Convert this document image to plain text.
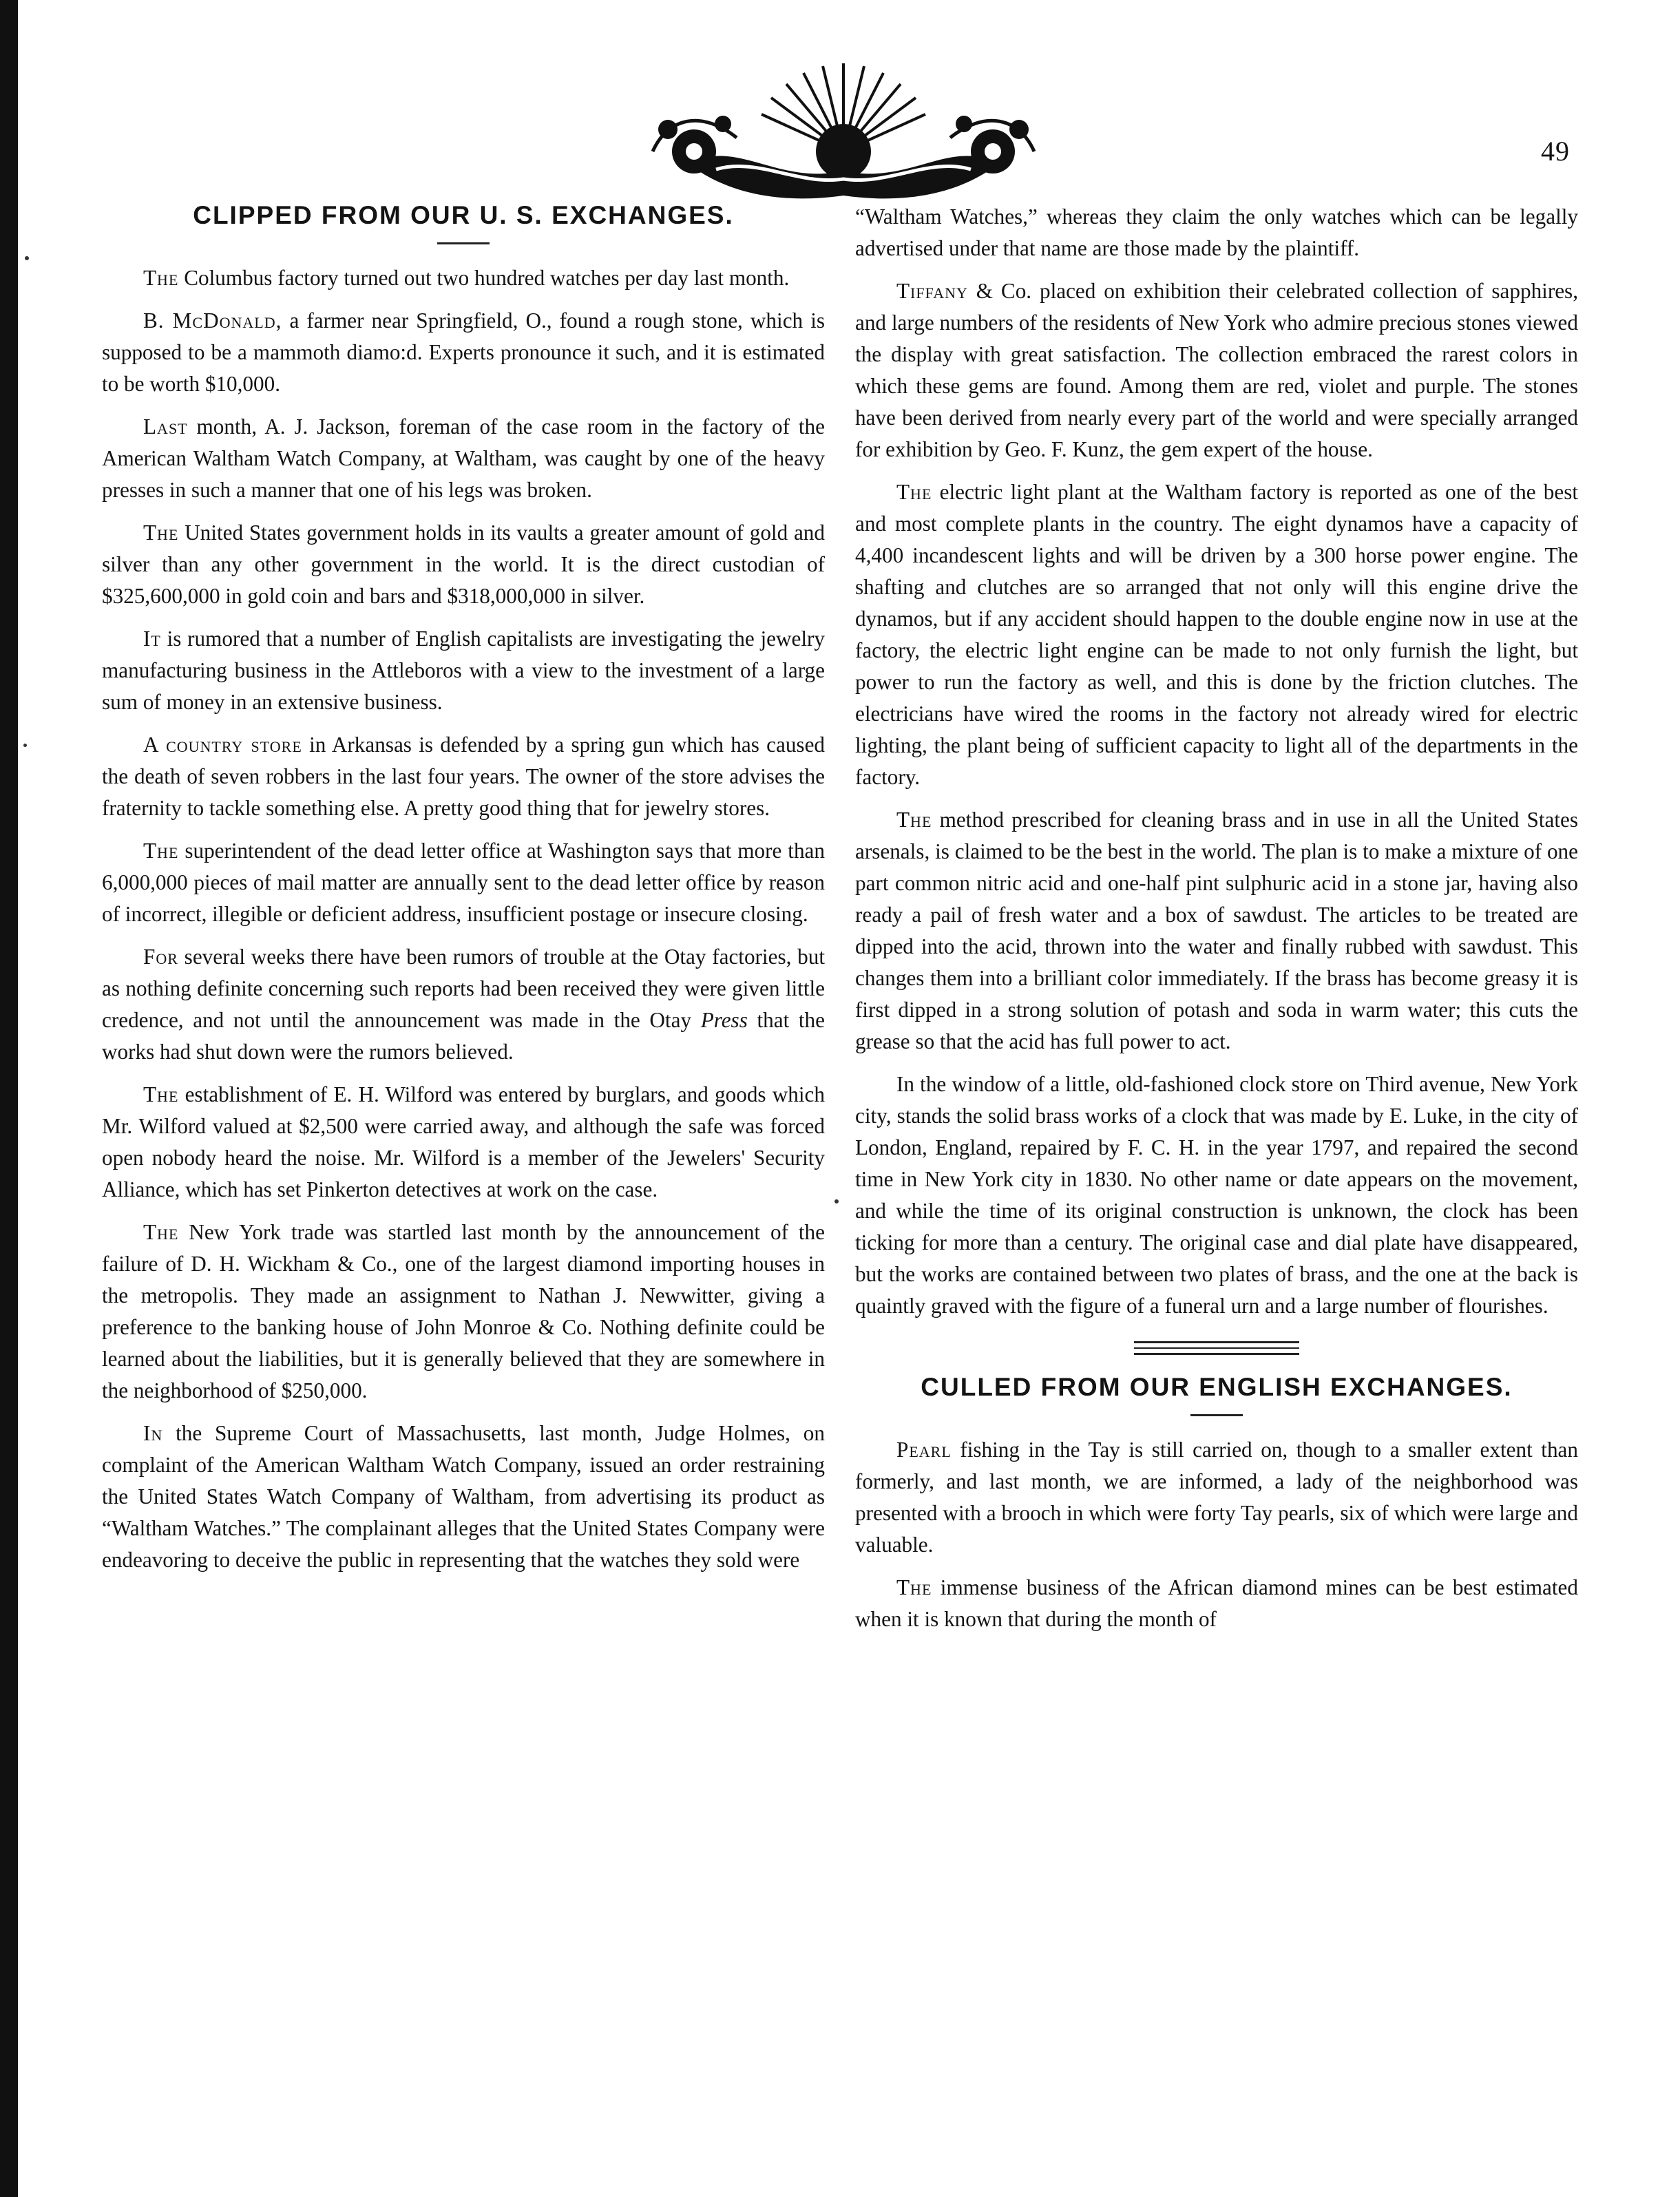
49
CLIPPED FROM OUR U. S. EXCHANGES.

The Columbus factory turned out two hundred watches per day last month.

B. McDonald, a farmer near Springfield, O., found a rough stone, which is supposed to be a mammoth diamo:d. Experts pronounce it such, and it is estimated to be worth $10,000.

Last month, A. J. Jackson, foreman of the case room in the factory of the American Waltham Watch Company, at Waltham, was caught by one of the heavy presses in such a manner that one of his legs was broken.

The United States government holds in its vaults a greater amount of gold and silver than any other government in the world. It is the direct custodian of $325,600,000 in gold coin and bars and $318,000,000 in silver.

It is rumored that a number of English capitalists are investigating the jewelry manufacturing business in the Attleboros with a view to the investment of a large sum of money in an extensive business.

A country store in Arkansas is defended by a spring gun which has caused the death of seven robbers in the last four years. The owner of the store advises the fraternity to tackle something else. A pretty good thing that for jewelry stores.

The superintendent of the dead letter office at Washington says that more than 6,000,000 pieces of mail matter are annually sent to the dead letter office by reason of incorrect, illegible or deficient address, insufficient postage or insecure closing.

For several weeks there have been rumors of trouble at the Otay factories, but as nothing definite concerning such reports had been received they were given little credence, and not until the announcement was made in the Otay Press that the works had shut down were the rumors believed.

The establishment of E. H. Wilford was entered by burglars, and goods which Mr. Wilford valued at $2,500 were carried away, and although the safe was forced open nobody heard the noise. Mr. Wilford is a member of the Jewelers' Security Alliance, which has set Pinkerton detectives at work on the case.

The New York trade was startled last month by the announcement of the failure of D. H. Wickham & Co., one of the largest diamond importing houses in the metropolis. They made an assignment to Nathan J. Newwitter, giving a preference to the banking house of John Monroe & Co. Nothing definite could be learned about the liabilities, but it is generally believed that they are somewhere in the neighborhood of $250,000.

In the Supreme Court of Massachusetts, last month, Judge Holmes, on complaint of the American Waltham Watch Company, issued an order restraining the United States Watch Company of Waltham, from advertising its product as “Waltham Watches.” The complainant alleges that the United States Company were endeavoring to deceive the public in representing that the watches they sold were

“Waltham Watches,” whereas they claim the only watches which can be legally advertised under that name are those made by the plaintiff.

Tiffany & Co. placed on exhibition their celebrated collection of sapphires, and large numbers of the residents of New York who admire precious stones viewed the display with great satisfaction. The collection embraced the rarest colors in which these gems are found. Among them are red, violet and purple. The stones have been derived from nearly every part of the world and were specially arranged for exhibition by Geo. F. Kunz, the gem expert of the house.

The electric light plant at the Waltham factory is reported as one of the best and most complete plants in the country. The eight dynamos have a capacity of 4,400 incandescent lights and will be driven by a 300 horse power engine. The shafting and clutches are so arranged that not only will this engine drive the dynamos, but if any accident should happen to the double engine now in use at the factory, the electric light engine can be made to not only furnish the light, but power to run the factory as well, and this is done by the friction clutches. The electricians have wired the rooms in the factory not already wired for electric lighting, the plant being of sufficient capacity to light all of the departments in the factory.

The method prescribed for cleaning brass and in use in all the United States arsenals, is claimed to be the best in the world. The plan is to make a mixture of one part common nitric acid and one-half pint sulphuric acid in a stone jar, having also ready a pail of fresh water and a box of sawdust. The articles to be treated are dipped into the acid, thrown into the water and finally rubbed with sawdust. This changes them into a brilliant color immediately. If the brass has become greasy it is first dipped in a strong solution of potash and soda in warm water; this cuts the grease so that the acid has full power to act.

In the window of a little, old-fashioned clock store on Third avenue, New York city, stands the solid brass works of a clock that was made by E. Luke, in the city of London, England, repaired by F. C. H. in the year 1797, and repaired the second time in New York city in 1830. No other name or date appears on the movement, and while the time of its original construction is unknown, the clock has been ticking for more than a century. The original case and dial plate have disappeared, but the works are contained between two plates of brass, and the one at the back is quaintly graved with the figure of a funeral urn and a large number of flourishes.

CULLED FROM OUR ENGLISH EXCHANGES.

Pearl fishing in the Tay is still carried on, though to a smaller extent than formerly, and last month, we are informed, a lady of the neighborhood was presented with a brooch in which were forty Tay pearls, six of which were large and valuable.

The immense business of the African diamond mines can be best estimated when it is known that during the month of
